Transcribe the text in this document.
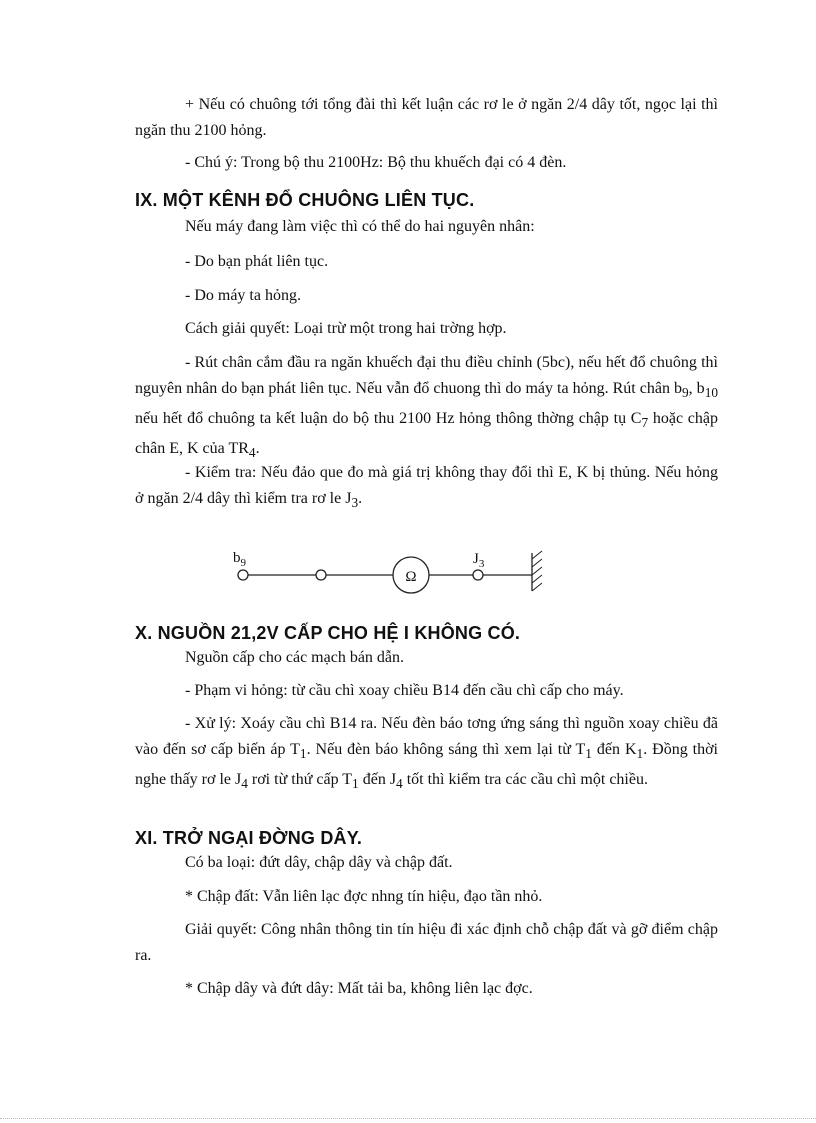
+ Nếu có chuông tới tổng đài thì kết luận các rơ le ở ngăn 2/4 dây tốt, ngọc lại thì ngăn thu 2100 hỏng.

- Chú ý: Trong bộ thu 2100Hz: Bộ thu khuếch đại có 4 đèn.

IX. MỘT KÊNH ĐỔ CHUÔNG LIÊN TỤC.

Nếu máy đang làm việc thì có thể do hai nguyên nhân:

- Do bạn phát liên tục.

- Do máy ta hỏng.

Cách giải quyết: Loại trừ một trong hai trờng hợp.

- Rút chân cắm đầu ra ngăn khuếch đại thu điều chỉnh (5bc), nếu hết đổ chuông thì nguyên nhân do bạn phát liên tục. Nếu vẫn đổ chuong thì do máy ta hỏng. Rút chân $b_9$, $b_{10}$ nếu hết đổ chuông ta kết luận do bộ thu 2100 Hz hỏng thông thờng chập tụ $C_7$ hoặc chập chân E, K của $TR_4$.

- Kiểm tra: Nếu đảo que đo mà giá trị không thay đổi thì E, K bị thủng. Nếu hỏng ở ngăn 2/4 dây thì kiểm tra rơ le $J_3$.

$b_9$
Ω
$J_3$
X. NGUỒN 21,2V CẤP CHO HỆ I KHÔNG CÓ.

Nguồn cấp cho các mạch bán dẫn.

- Phạm vi hỏng: từ cầu chì xoay chiều B14 đến cầu chì cấp cho máy.

- Xử lý: Xoáy cầu chì B14 ra. Nếu đèn báo tơng ứng sáng thì nguồn xoay chiều đã vào đến sơ cấp biến áp $T_1$. Nếu đèn báo không sáng thì xem lại từ $T_1$ đến $K_1$. Đồng thời nghe thấy rơ le $J_4$ rơi từ thứ cấp $T_1$ đến $J_4$ tốt thì kiểm tra các cầu chì một chiều.

XI. TRỞ NGẠI ĐỜNG DÂY.

Có ba loại: đứt dây, chập dây và chập đất.

* Chập đất: Vẫn liên lạc đợc nhng tín hiệu, đạo tần nhỏ.

Giải quyết: Công nhân thông tin tín hiệu đi xác định chỗ chập đất và gỡ điểm chập ra.

* Chập dây và đứt dây: Mất tải ba, không liên lạc đợc.
